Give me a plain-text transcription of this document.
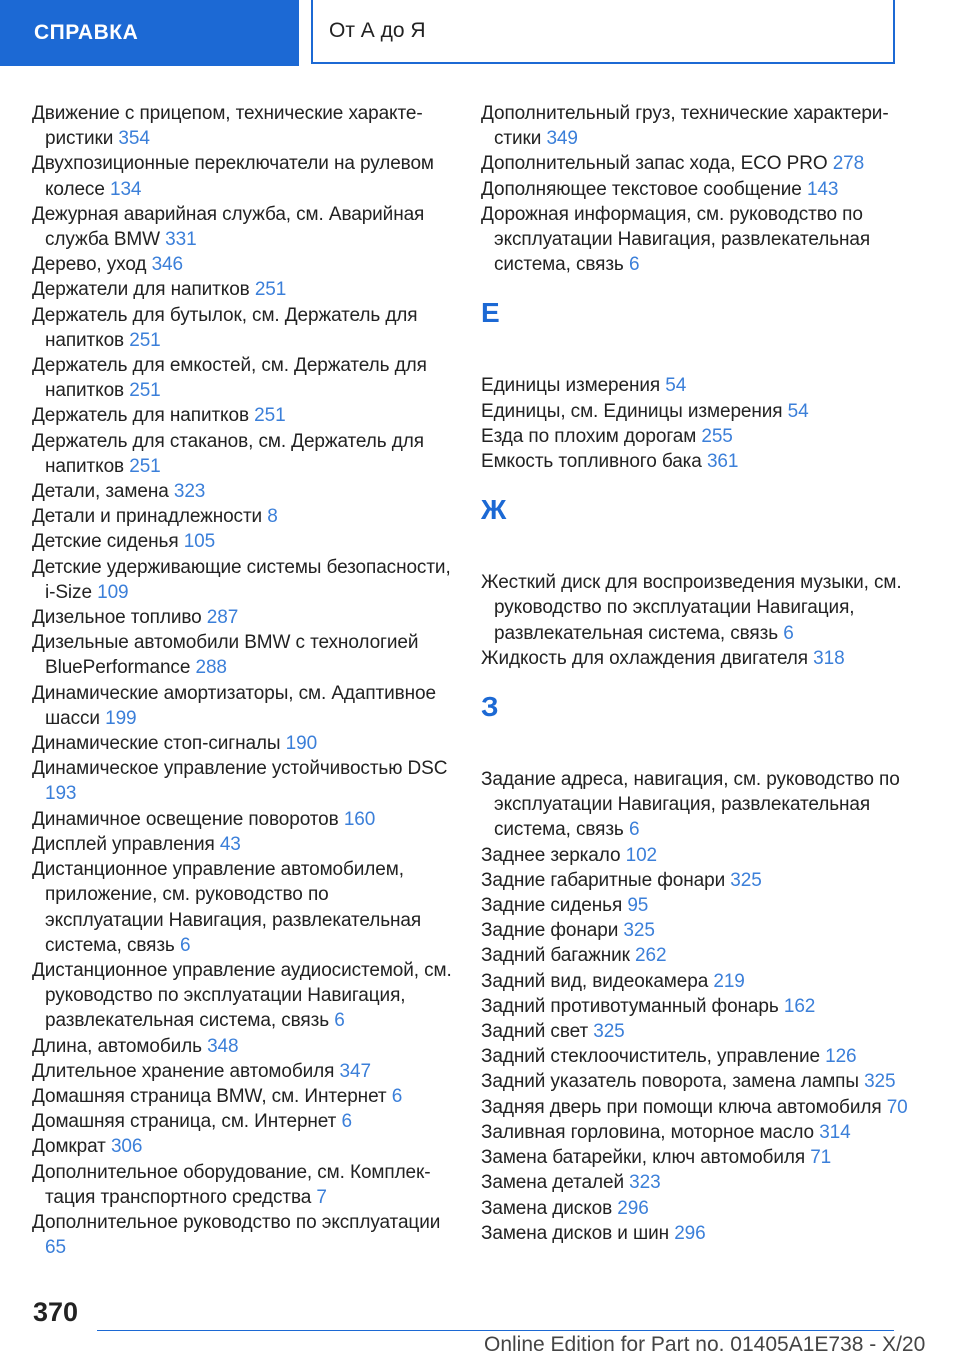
СПРАВКА	От А до Я
Движение с прицепом, технические характеристики 354
Двухпозиционные переключатели на рулевом колесе 134
Дежурная аварийная служба, см. Аварийная служба BMW 331
Дерево, уход 346
Держатели для напитков 251
Держатель для бутылок, см. Держатель для напитков 251
Держатель для емкостей, см. Держатель для напитков 251
Держатель для напитков 251
Держатель для стаканов, см. Держатель для напитков 251
Детали, замена 323
Детали и принадлежности 8
Детские сиденья 105
Детские удерживающие системы безопасности, i-Size 109
Дизельное топливо 287
Дизельные автомобили BMW с технологией BluePerformance 288
Динамические амортизаторы, см. Адаптивное шасси 199
Динамические стоп-сигналы 190
Динамическое управление устойчивостью DSC 193
Динамичное освещение поворотов 160
Дисплей управления 43
Дистанционное управление автомобилем, приложение, см. руководство по эксплуатации Навигация, развлекательная система, связь 6
Дистанционное управление аудиосистемой, см. руководство по эксплуатации Навигация, развлекательная система, связь 6
Длина, автомобиль 348
Длительное хранение автомобиля 347
Домашняя страница BMW, см. Интернет 6
Домашняя страница, см. Интернет 6
Домкрат 306
Дополнительное оборудование, см. Комплектация транспортного средства 7
Дополнительное руководство по эксплуатации 65
Дополнительный груз, технические характеристики 349
Дополнительный запас хода, ECO PRO 278
Дополняющее текстовое сообщение 143
Дорожная информация, см. руководство по эксплуатации Навигация, развлекательная система, связь 6
Е
Единицы измерения 54
Единицы, см. Единицы измерения 54
Езда по плохим дорогам 255
Емкость топливного бака 361
Ж
Жесткий диск для воспроизведения музыки, см. руководство по эксплуатации Навигация, развлекательная система, связь 6
Жидкость для охлаждения двигателя 318
З
Задание адреса, навигация, см. руководство по эксплуатации Навигация, развлекательная система, связь 6
Заднее зеркало 102
Задние габаритные фонари 325
Задние сиденья 95
Задние фонари 325
Задний багажник 262
Задний вид, видеокамера 219
Задний противотуманный фонарь 162
Задний свет 325
Задний стеклоочиститель, управление 126
Задний указатель поворота, замена лампы 325
Задняя дверь при помощи ключа автомобиля 70
Заливная горловина, моторное масло 314
Замена батарейки, ключ автомобиля 71
Замена деталей 323
Замена дисков 296
Замена дисков и шин 296
370
Online Edition for Part no. 01405A1E738 - X/20
